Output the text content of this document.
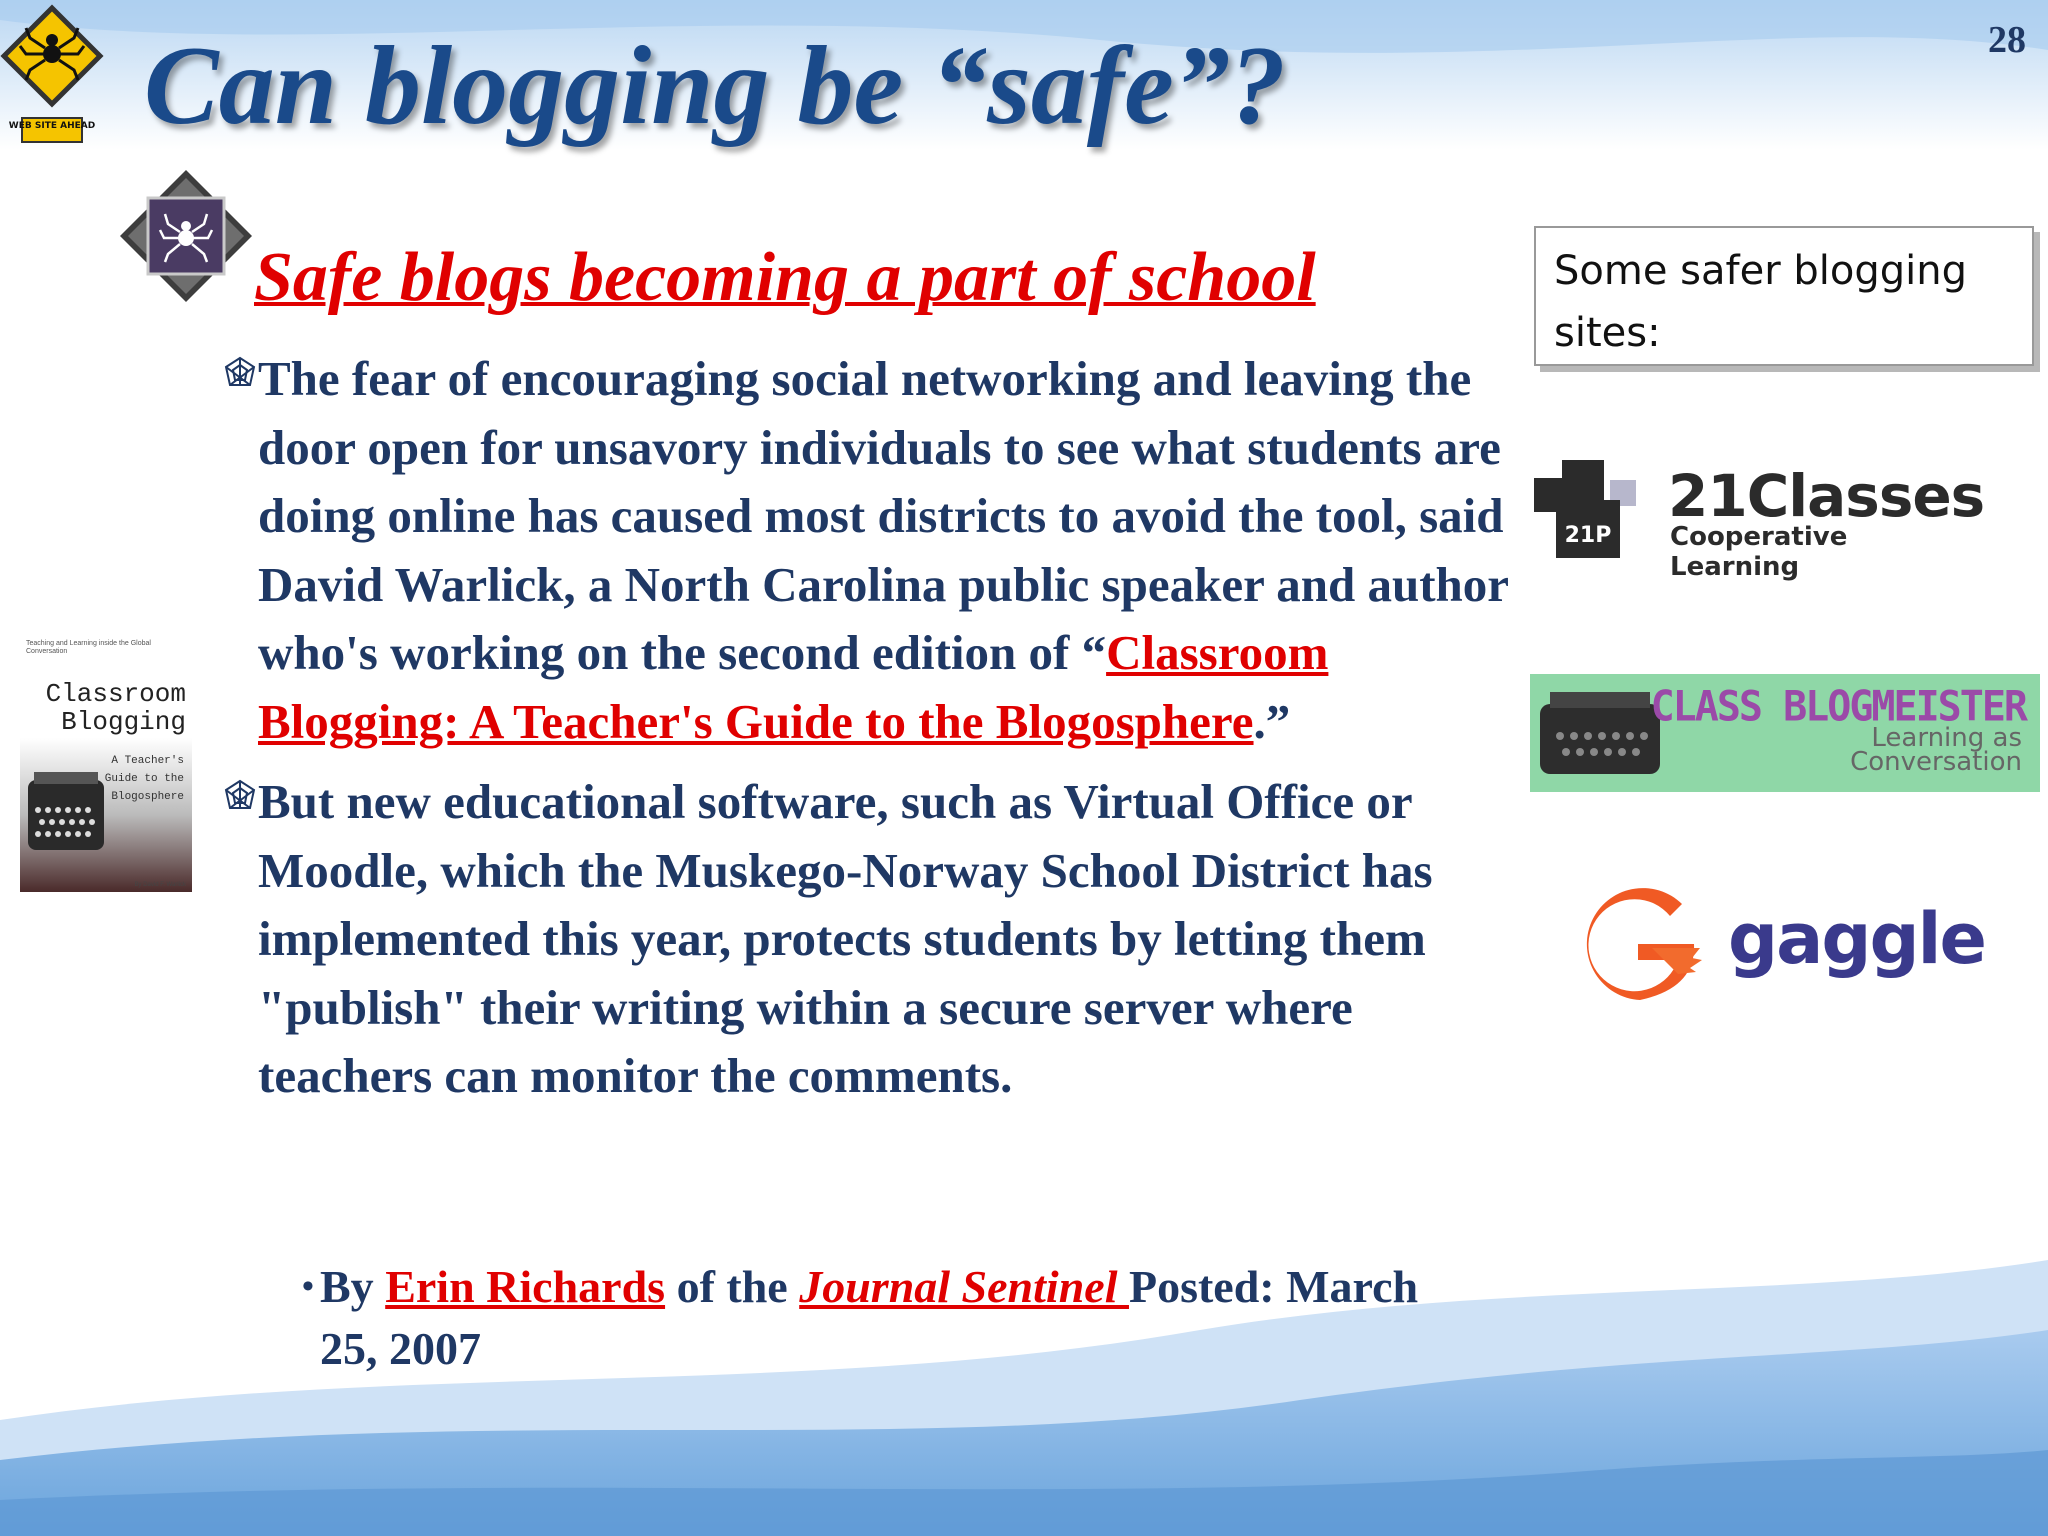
28
WEB SITE AHEAD Can blogging be “safe”?
Safe blogs becoming a part of school

The fear of encouraging social networking and leaving the door open for unsavory individuals to see what students are doing online has caused most districts to avoid the tool, said David Warlick, a North Carolina public speaker and author who's working on the second edition of “Classroom Blogging: A Teacher's Guide to the Blogosphere.”

But new educational software, such as Virtual Office or Moodle, which the Muskego-Norway School District has implemented this year, protects students by letting them "publish" their writing within a secure server where teachers can monitor the comments.

• By Erin Richards of the Journal Sentinel Posted: March 25, 2007
Teaching and Learning inside the Global Conversation
Classroom Blogging
A Teacher's Guide to the Blogosphere
By David F. Warlick
Some safer blogging sites:
21P
21Classes
Cooperative Learning
CLASS BLOGMEISTER
Learning as Conversation
gaggle
